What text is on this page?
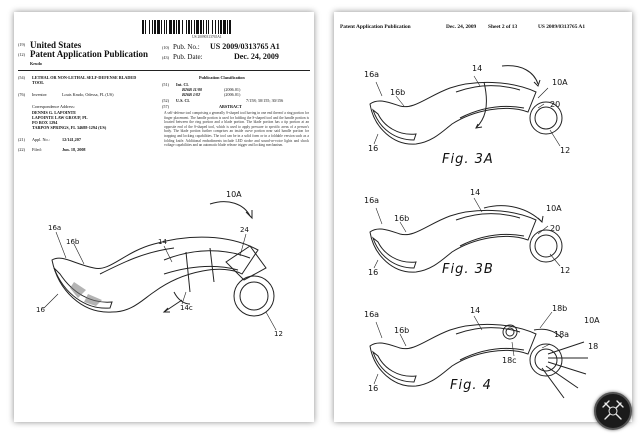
US 20090313765A1
(19) United States
(12) Patent Application Publication
Krudo
(10) Pub. No.: US 2009/0313765 A1
(43) Pub. Date:	Dec. 24, 2009
(54) LETHAL OR NON-LETHAL SELF-DEFENSE BLADED TOOL
(76) Inventor:	Louis Krudo, Odessa, FL (US)
Correspondence Address:
DENNIS G. LAPOINTE
LAPOINTE LAW GROUP, PL
PO BOX 1294
TARPON SPRINGS, FL 34688-1294 (US)
(21) Appl. No.:	12/141,207
(22) Filed:	Jun. 18, 2008
Publication Classification
(51) Int. Cl.
B26B 11/00	(2006.01)
B26B 1/02	(2006.01)
(52) U.S. Cl.	7/158; 30/155; 30/156
(57)	ABSTRACT
A self-defense tool comprising a generally S-shaped tool having in one end thereof a ring portion for finger placement. The handle portion is used for holding the S-shaped tool and the handle portion is located between the ring portion and a blade portion. The blade portion has a tip portion at an opposite end of the S-shaped tool, which is used to apply pressure to specific areas of a person's body. The blade portion further comprises an inside curve portion near said handle portion for trapping and locking capabilities. The tool can be in a solid form or in a foldable version such as a folding knife. Additional embodiments include LED strobe and sound-or-voice lights and shock voltage capabilities and an automatic blade release trigger and locking mechanism.
10A
16a
16b	14
24
14c
16
12
Patent Application Publication	Dec. 24, 2009 Sheet 2 of 13	US 2009/0313765 A1
16a
16b
14
10A
20
16	12
Fig. 3A
16a
16b
14
10A
20
16	12
Fig. 3B
16a
16b
14	18b
10A
18a
18
18c
16	Fig. 4
